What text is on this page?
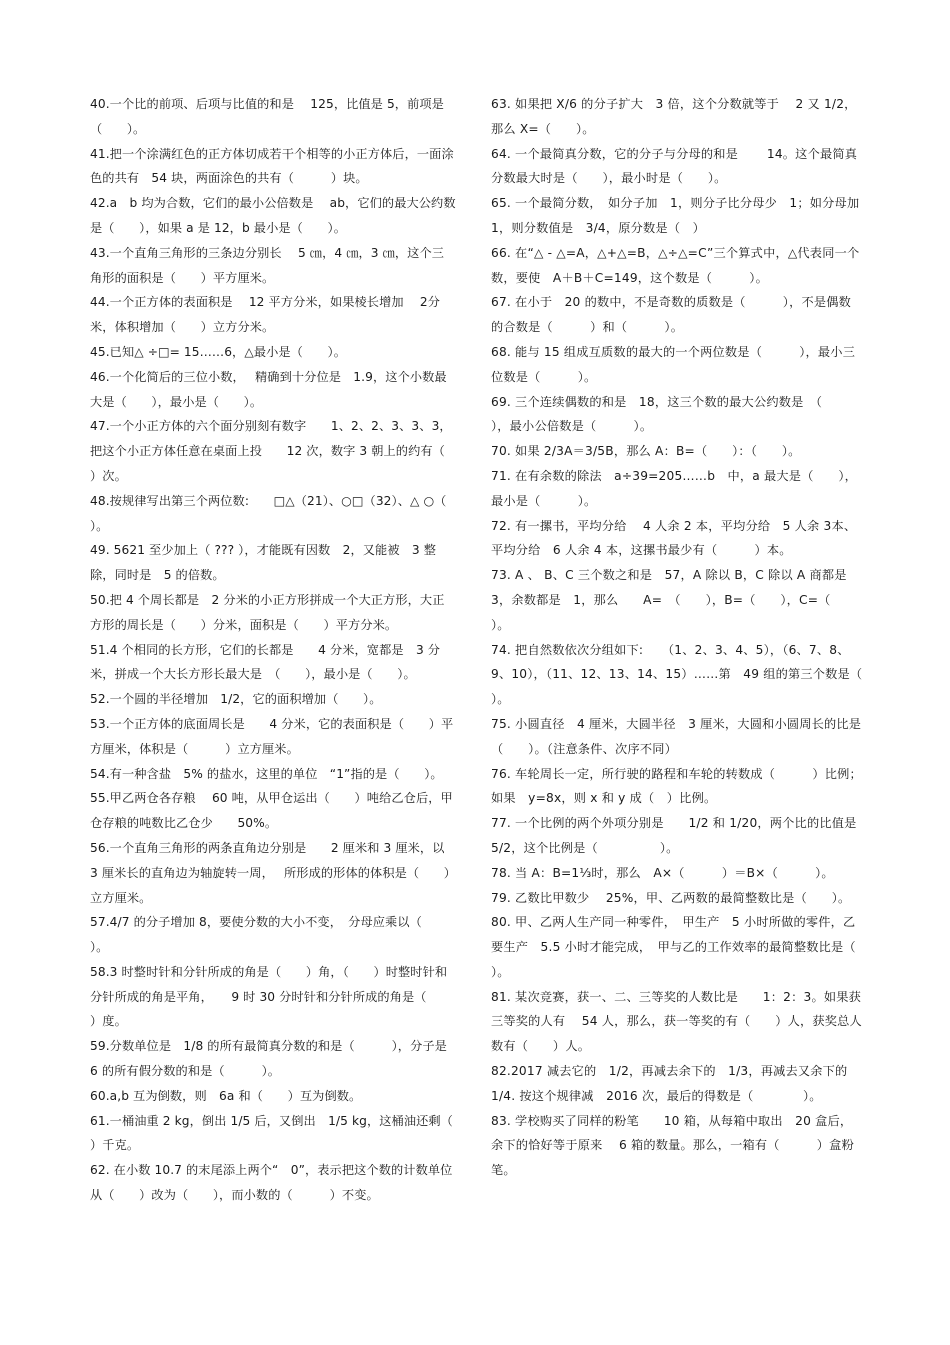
40.一个比的前项、后项与比值的和是　 125，比值是 5，前项是（　　）。

41.把一个涂满红色的正方体切成若干个相等的小正方体后，一面涂色的共有　54 块，两面涂色的共有（　　　）块。

42.a　b 均为合数，它们的最小公倍数是　 ab，它们的最大公约数是（　　），如果 a 是 12，b 最小是（　　）。

43.一个直角三角形的三条边分别长　 5 ㎝，4 ㎝，3 ㎝，这个三角形的面积是（　　）平方厘米。

44.一个正方体的表面积是　 12 平方分米，如果棱长增加　 2分米，体积增加（　　）立方分米。

45.已知△ ÷□= 15……6，△最小是（　　）。

46.一个化简后的三位小数，　 精确到十分位是　1.9，这个小数最大是（　　），最小是（　　）。

47.一个小正方体的六个面分别刻有数字　　1、2、2、3、3、3，把这个小正方体任意在桌面上投　　12 次，数字 3 朝上的约有（　　）次。

48.按规律写出第三个两位数:　　□△（21）、○□（32）、△ ○（　　）。

49. 5621 至少加上（ ??? ），才能既有因数　2，又能被　3 整除，同时是　5 的倍数。

50.把 4 个周长都是　2 分米的小正方形拼成一个大正方形，大正方形的周长是（　　）分米，面积是（　　）平方分米。

51.4 个相同的长方形，它们的长都是　　4 分米，宽都是　3 分米，拼成一个大长方形长最大是　（　　），最小是（　　）。

52.一个圆的半径增加　1/2，它的面积增加（　　）。

53.一个正方体的底面周长是　　4 分米，它的表面积是（　　）平方厘米，体积是（　　　）立方厘米。

54.有一种含盐　5% 的盐水，这里的单位　“1”指的是（　　）。

55.甲乙两仓各存粮　 60 吨，从甲仓运出（　　）吨给乙仓后，甲仓存粮的吨数比乙仓少　　50%。

56.一个直角三角形的两条直角边分别是　　2 厘米和 3 厘米，以 3 厘米长的直角边为轴旋转一周，　 所形成的形体的体积是（　　）立方厘米。

57.4/7 的分子增加 8，要使分数的大小不变，　分母应乘以（　　）。

58.3 时整时针和分针所成的角是（　　）角，（　　）时整时针和分针所成的角是平角，　　9 时 30 分时针和分针所成的角是（　　）度。

59.分数单位是　1/8 的所有最简真分数的和是（　　　），分子是 6 的所有假分数的和是（　　　）。

60.a,b 互为倒数，则　6a 和（　　）互为倒数。

61.一桶油重 2 kg，倒出 1/5 后，又倒出　1/5 kg，这桶油还剩（　　　）千克。

62. 在小数 10.7 的末尾添上两个“　0”，表示把这个数的计数单位从（　　）改为（　　），而小数的（　　　）不变。

63. 如果把 X/6 的分子扩大　3 倍，这个分数就等于　 2 又 1/2，那么 X=（　　）。

64. 一个最简真分数，它的分子与分母的和是　　 14。这个最简真分数最大时是（　　），最小时是（　　）。

65. 一个最简分数，　如分子加　1，则分子比分母少　1；如分母加 1，则分数值是　3/4，原分数是（　）

66. 在“△ - △=A，△+△=B，△÷△=C”三个算式中，△代表同一个数，要使　A＋B＋C=149，这个数是（　　　）。

67. 在小于　20 的数中，不是奇数的质数是（　　　），不是偶数的合数是（　　　）和（　　　）。

68. 能与 15 组成互质数的最大的一个两位数是（　　　），最小三位数是（　　　）。

69. 三个连续偶数的和是　18，这三个数的最大公约数是　（　　），最小公倍数是（　　　）。

70. 如果 2/3A＝3/5B，那么 A：B=（　　）：（　　）。

71. 在有余数的除法　a÷39=205……b　中，a 最大是（　　），最小是（　　　）。

72. 有一摞书，平均分给　 4 人余 2 本，平均分给　5 人余 3本、平均分给　6 人余 4 本，这摞书最少有（　　　）本。

73. A 、 B、C 三个数之和是　57，A 除以 B，C 除以 A 商都是3，余数都是　1，那么　　A=　（　　），B=（　　），C=（　　）。

74. 把自然数依次分组如下:　　（1、2、3、4、5），（6、7、8、9、10），（11、12、13、14、15）……第　49 组的第三个数是（　　）。

75. 小圆直径　4 厘米，大圆半径　3 厘米，大圆和小圆周长的比是（　　）。（注意条件、次序不同）

76. 车轮周长一定，所行驶的路程和车轮的转数成（　　　）比例；如果　y=8x，则 x 和 y 成（　）比例。

77. 一个比例的两个外项分别是　　1/2 和 1/20，两个比的比值是 5/2，这个比例是（　　　　　）。

78. 当 A：B=1⅓时，那么　A×（　　　）＝B×（　　　）。

79. 乙数比甲数少　 25%，甲、乙两数的最简整数比是（　　）。

80. 甲、乙两人生产同一种零件，　甲生产　5 小时所做的零件，乙要生产　5.5 小时才能完成，　甲与乙的工作效率的最简整数比是（　　）。

81. 某次竞赛，获一、二、三等奖的人数比是　　1：2：3。如果获三等奖的人有　 54 人，那么，获一等奖的有（　　）人，获奖总人数有（　　）人。

82.2017 减去它的　1/2，再减去余下的　1/3，再减去又余下的 1/4. 按这个规律减　2016 次，最后的得数是（　　　　）。

83. 学校购买了同样的粉笔　　10 箱，从每箱中取出　20 盒后，余下的恰好等于原来　 6 箱的数量。那么，一箱有（　　　）盒粉笔。
